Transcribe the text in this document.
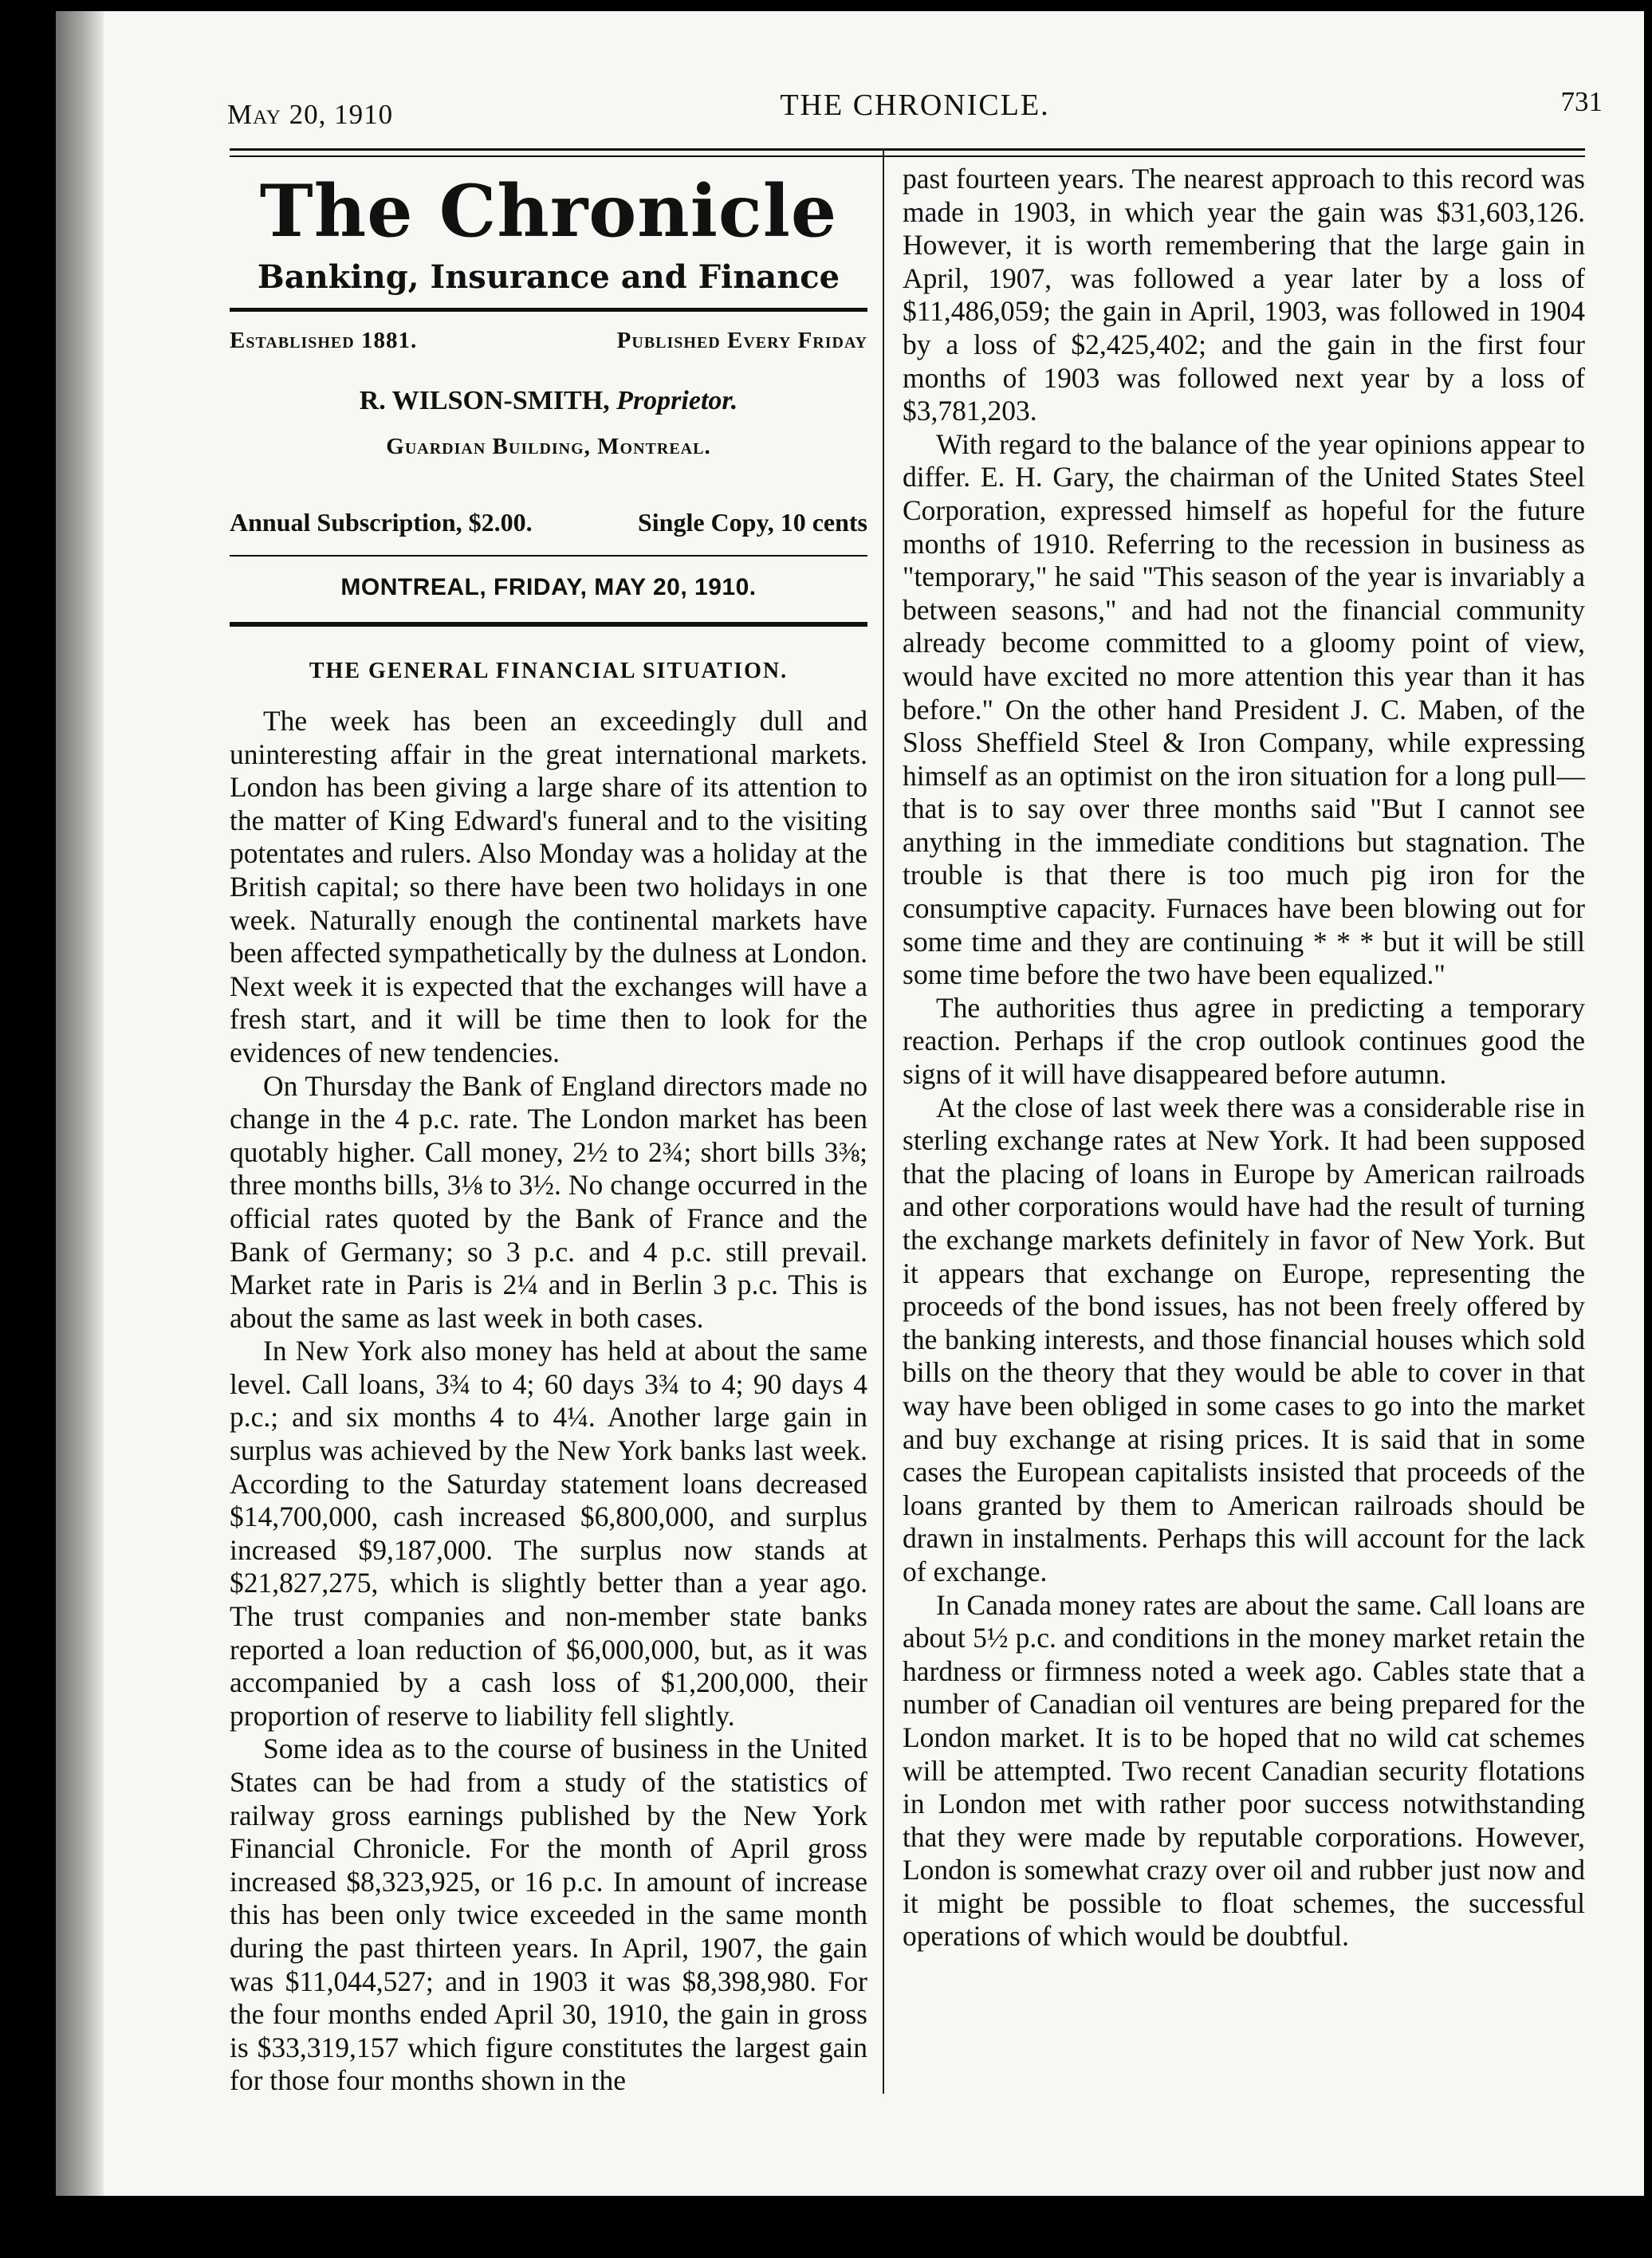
May 20, 1910	THE CHRONICLE.	731
The Chronicle
Banking, Insurance and Finance
Established 1881.	Published Every Friday
R. WILSON-SMITH, Proprietor.
Guardian Building, Montreal.
Annual Subscription, $2.00.	Single Copy, 10 cents
MONTREAL, FRIDAY, MAY 20, 1910.
THE GENERAL FINANCIAL SITUATION.

The week has been an exceedingly dull and uninteresting affair in the great international markets. London has been giving a large share of its attention to the matter of King Edward's funeral and to the visiting potentates and rulers. Also Monday was a holiday at the British capital; so there have been two holidays in one week. Naturally enough the continental markets have been affected sympathetically by the dulness at London. Next week it is expected that the exchanges will have a fresh start, and it will be time then to look for the evidences of new tendencies.

On Thursday the Bank of England directors made no change in the 4 p.c. rate. The London market has been quotably higher. Call money, 2½ to 2¾; short bills 3⅜; three months bills, 3⅛ to 3½. No change occurred in the official rates quoted by the Bank of France and the Bank of Germany; so 3 p.c. and 4 p.c. still prevail. Market rate in Paris is 2¼ and in Berlin 3 p.c. This is about the same as last week in both cases.

In New York also money has held at about the same level. Call loans, 3¾ to 4; 60 days 3¾ to 4; 90 days 4 p.c.; and six months 4 to 4¼. Another large gain in surplus was achieved by the New York banks last week. According to the Saturday statement loans decreased $14,700,000, cash increased $6,800,000, and surplus increased $9,187,000. The surplus now stands at $21,827,275, which is slightly better than a year ago. The trust companies and non-member state banks reported a loan reduction of $6,000,000, but, as it was accompanied by a cash loss of $1,200,000, their proportion of reserve to liability fell slightly.

Some idea as to the course of business in the United States can be had from a study of the statistics of railway gross earnings published by the New York Financial Chronicle. For the month of April gross increased $8,323,925, or 16 p.c. In amount of increase this has been only twice exceeded in the same month during the past thirteen years. In April, 1907, the gain was $11,044,527; and in 1903 it was $8,398,980. For the four months ended April 30, 1910, the gain in gross is $33,319,157 which figure constitutes the largest gain for those four months shown in the

past fourteen years. The nearest approach to this record was made in 1903, in which year the gain was $31,603,126. However, it is worth remembering that the large gain in April, 1907, was followed a year later by a loss of $11,486,059; the gain in April, 1903, was followed in 1904 by a loss of $2,425,402; and the gain in the first four months of 1903 was followed next year by a loss of $3,781,203.

With regard to the balance of the year opinions appear to differ. E. H. Gary, the chairman of the United States Steel Corporation, expressed himself as hopeful for the future months of 1910. Referring to the recession in business as "temporary," he said "This season of the year is invariably a between seasons," and had not the financial community already become committed to a gloomy point of view, would have excited no more attention this year than it has before." On the other hand President J. C. Maben, of the Sloss Sheffield Steel & Iron Company, while expressing himself as an optimist on the iron situation for a long pull—that is to say over three months said "But I cannot see anything in the immediate conditions but stagnation. The trouble is that there is too much pig iron for the consumptive capacity. Furnaces have been blowing out for some time and they are continuing * * * but it will be still some time before the two have been equalized."

The authorities thus agree in predicting a temporary reaction. Perhaps if the crop outlook continues good the signs of it will have disappeared before autumn.

At the close of last week there was a considerable rise in sterling exchange rates at New York. It had been supposed that the placing of loans in Europe by American railroads and other corporations would have had the result of turning the exchange markets definitely in favor of New York. But it appears that exchange on Europe, representing the proceeds of the bond issues, has not been freely offered by the banking interests, and those financial houses which sold bills on the theory that they would be able to cover in that way have been obliged in some cases to go into the market and buy exchange at rising prices. It is said that in some cases the European capitalists insisted that proceeds of the loans granted by them to American railroads should be drawn in instalments. Perhaps this will account for the lack of exchange.

In Canada money rates are about the same. Call loans are about 5½ p.c. and conditions in the money market retain the hardness or firmness noted a week ago. Cables state that a number of Canadian oil ventures are being prepared for the London market. It is to be hoped that no wild cat schemes will be attempted. Two recent Canadian security flotations in London met with rather poor success notwithstanding that they were made by reputable corporations. However, London is somewhat crazy over oil and rubber just now and it might be possible to float schemes, the successful operations of which would be doubtful.
